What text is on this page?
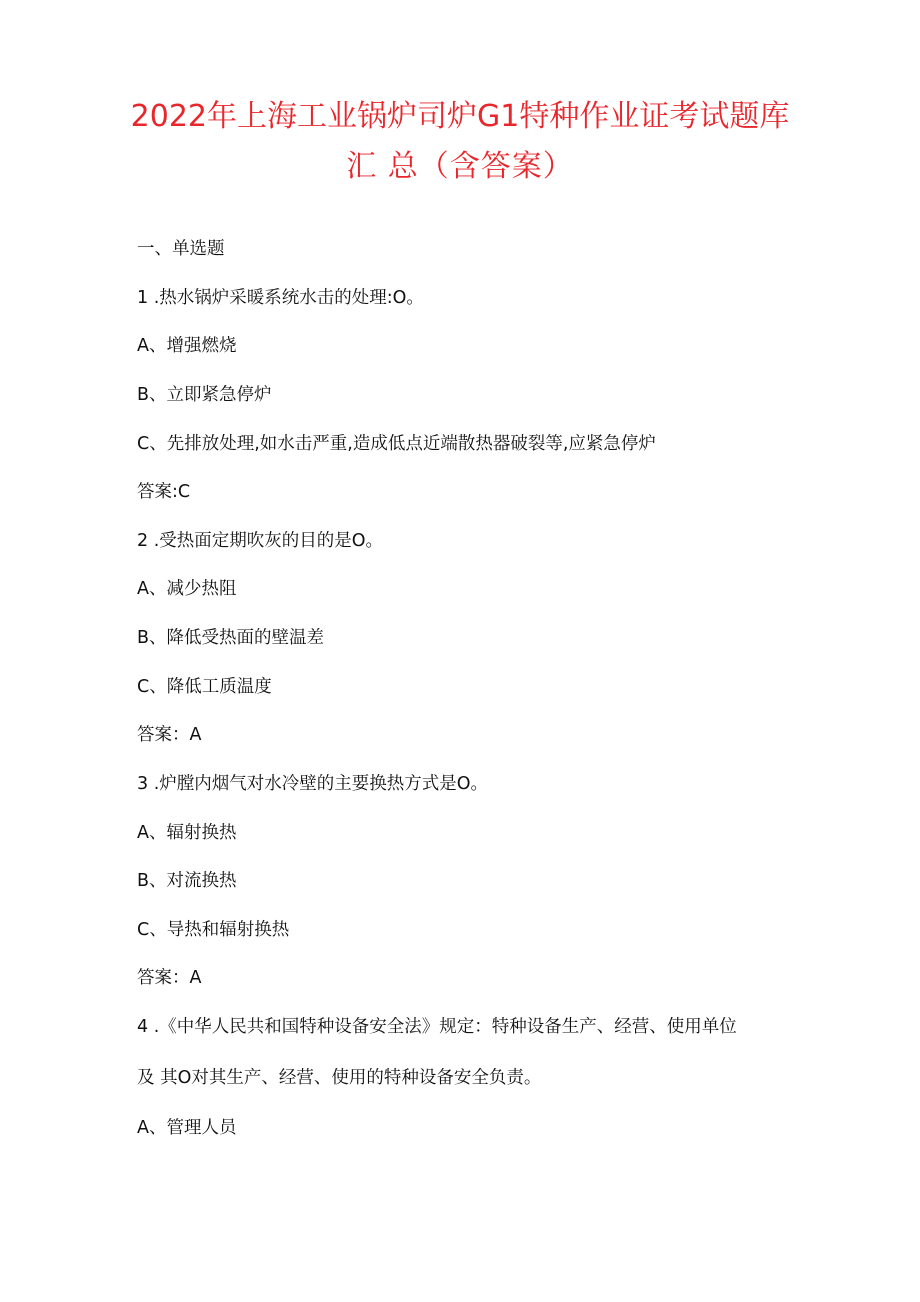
2022年上海工业锅炉司炉G1特种作业证考试题库
汇 总（含答案）
一、单选题
1 .热水锅炉采暖系统水击的处理:O。
A、增强燃烧
B、立即紧急停炉
C、先排放处理,如水击严重,造成低点近端散热器破裂等,应紧急停炉
答案:C
2 .受热面定期吹灰的目的是O。
A、减少热阻
B、降低受热面的壁温差
C、降低工质温度
答案：A
3 .炉膛内烟气对水冷壁的主要换热方式是O。
A、辐射换热
B、对流换热
C、导热和辐射换热
答案：A
4 .《中华人民共和国特种设备安全法》规定：特种设备生产、经营、使用单位
及 其O对其生产、经营、使用的特种设备安全负责。
A、管理人员
